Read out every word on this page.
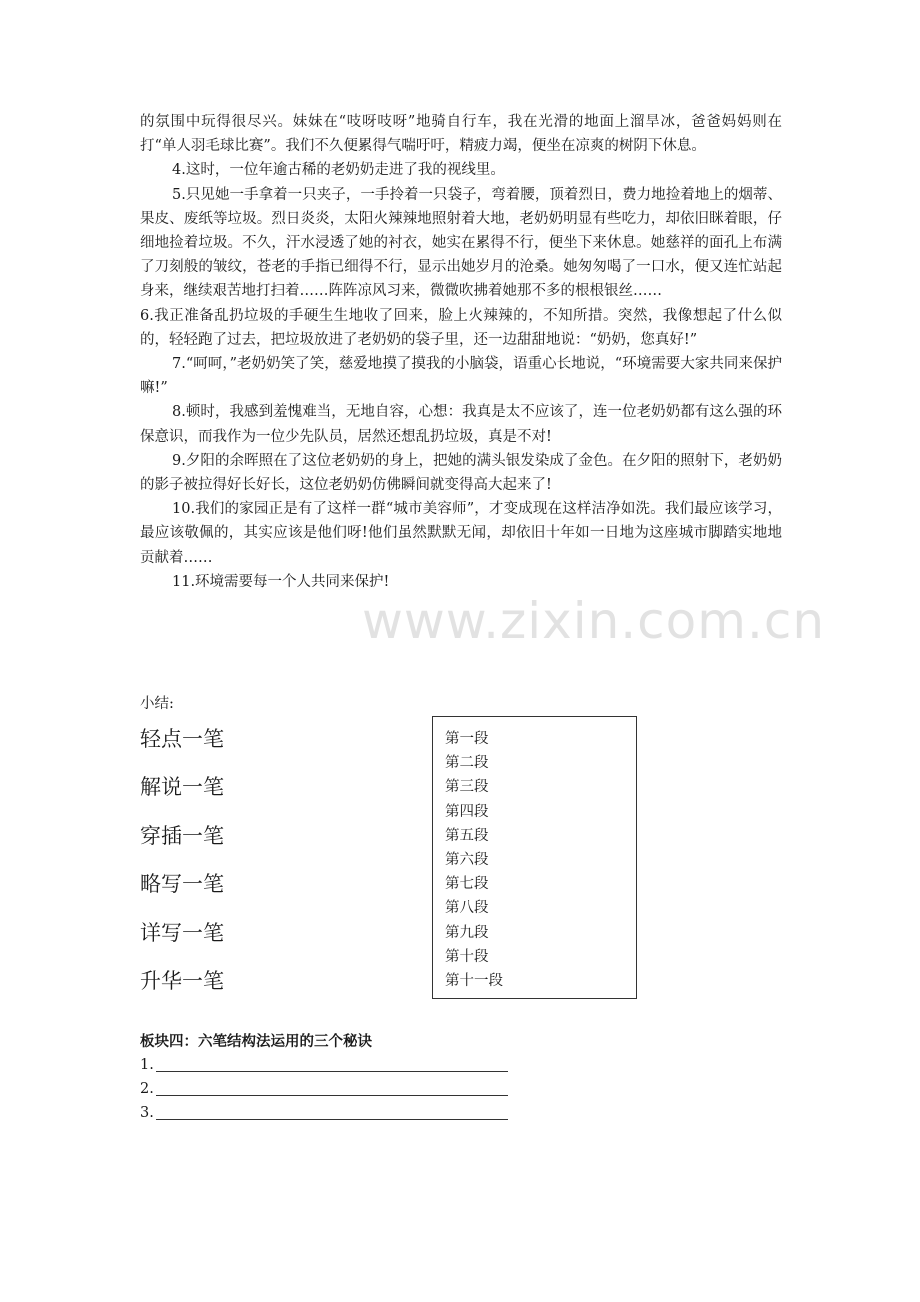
的氛围中玩得很尽兴。妹妹在“吱呀吱呀”地骑自行车，我在光滑的地面上溜旱冰，爸爸妈妈则在打“单人羽毛球比赛”。我们不久便累得气喘吁吁，精疲力竭，便坐在凉爽的树阴下休息。

4.这时，一位年逾古稀的老奶奶走进了我的视线里。

5.只见她一手拿着一只夹子，一手拎着一只袋子，弯着腰，顶着烈日，费力地捡着地上的烟蒂、果皮、废纸等垃圾。烈日炎炎，太阳火辣辣地照射着大地，老奶奶明显有些吃力，却依旧眯着眼，仔细地捡着垃圾。不久，汗水浸透了她的衬衣，她实在累得不行，便坐下来休息。她慈祥的面孔上布满了刀刻般的皱纹，苍老的手指已细得不行，显示出她岁月的沧桑。她匆匆喝了一口水，便又连忙站起身来，继续艰苦地打扫着……阵阵凉风习来，微微吹拂着她那不多的根根银丝……

6.我正准备乱扔垃圾的手硬生生地收了回来，脸上火辣辣的，不知所措。突然，我像想起了什么似的，轻轻跑了过去，把垃圾放进了老奶奶的袋子里，还一边甜甜地说：“奶奶，您真好!”

7.“呵呵，”老奶奶笑了笑，慈爱地摸了摸我的小脑袋，语重心长地说，“环境需要大家共同来保护嘛!”

8.顿时，我感到羞愧难当，无地自容，心想：我真是太不应该了，连一位老奶奶都有这么强的环保意识，而我作为一位少先队员，居然还想乱扔垃圾，真是不对!

9.夕阳的余晖照在了这位老奶奶的身上，把她的满头银发染成了金色。在夕阳的照射下，老奶奶的影子被拉得好长好长，这位老奶奶仿佛瞬间就变得高大起来了!

10.我们的家园正是有了这样一群“城市美容师”，才变成现在这样洁净如洗。我们最应该学习，最应该敬佩的，其实应该是他们呀!他们虽然默默无闻，却依旧十年如一日地为这座城市脚踏实地地贡献着……

11.环境需要每一个人共同来保护!

www.zixin.com.cn
小结:

轻点一笔

解说一笔

穿插一笔

略写一笔

详写一笔

升华一笔

第一段
第二段
第三段
第四段
第五段
第六段
第七段
第八段
第九段
第十段
第十一段
板块四：六笔结构法运用的三个秘诀
1.
2.
3.
